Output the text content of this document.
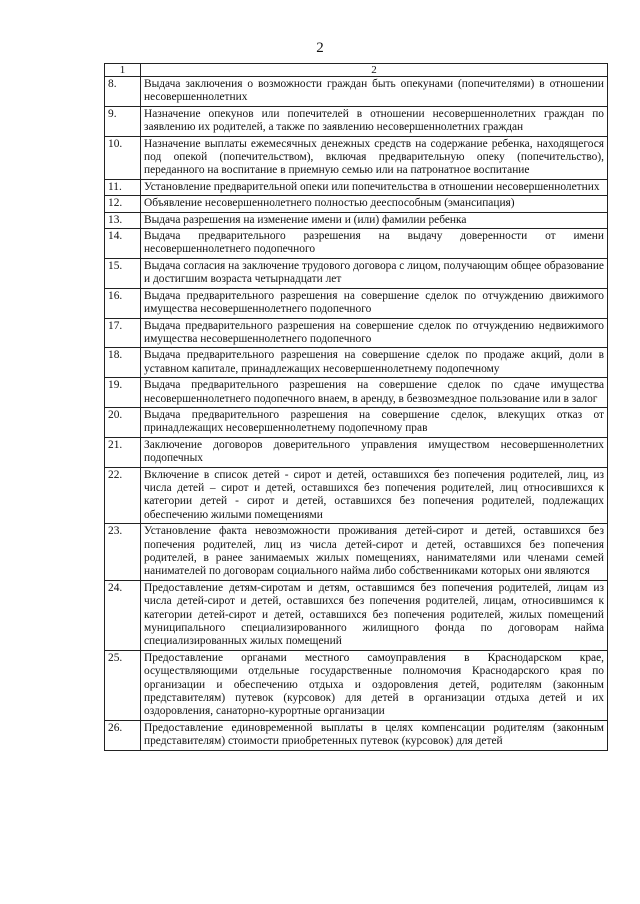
2
1	2
8.	Выдача заключения о возможности граждан быть опекунами (попечителями) в отношении несовершеннолетних
9.	Назначение опекунов или попечителей в отношении несовершеннолетних граждан по заявлению их родителей, а также по заявлению несовершеннолетних граждан
10.	Назначение выплаты ежемесячных денежных средств на содержание ребенка, находящегося под опекой (попечительством), включая предварительную опеку (попечительство), переданного на воспитание в приемную семью или на патронатное воспитание
11.	Установление предварительной опеки или попечительства в отношении несовершеннолетних
12.	Объявление несовершеннолетнего полностью дееспособным (эмансипация)
13.	Выдача разрешения на изменение имени и (или) фамилии ребенка
14.	Выдача предварительного разрешения на выдачу доверенности от имени несовершеннолетнего подопечного
15.	Выдача согласия на заключение трудового договора с лицом, получающим общее образование и достигшим возраста четырнадцати лет
16.	Выдача предварительного разрешения на совершение сделок по отчуждению движимого имущества несовершеннолетнего подопечного
17.	Выдача предварительного разрешения на совершение сделок по отчуждению недвижимого имущества несовершеннолетнего подопечного
18.	Выдача предварительного разрешения на совершение сделок по продаже акций, доли в уставном капитале, принадлежащих несовершеннолетнему подопечному
19.	Выдача предварительного разрешения на совершение сделок по сдаче имущества несовершеннолетнего подопечного внаем, в аренду, в безвозмездное пользование или в залог
20.	Выдача предварительного разрешения на совершение сделок, влекущих отказ от принадлежащих несовершеннолетнему подопечному прав
21.	Заключение договоров доверительного управления имуществом несовершеннолетних подопечных
22.	Включение в список детей - сирот и детей, оставшихся без попечения родителей, лиц, из числа детей – сирот и детей, оставшихся без попечения родителей, лиц относившихся к категории детей - сирот и детей, оставшихся без попечения родителей, подлежащих обеспечению жилыми помещениями
23.	Установление факта невозможности проживания детей-сирот и детей, оставшихся без попечения родителей, лиц из числа детей-сирот и детей, оставшихся без попечения родителей, в ранее занимаемых жилых помещениях, нанимателями или членами семей нанимателей по договорам социального найма либо собственниками которых они являются
24.	Предоставление детям-сиротам и детям, оставшимся без попечения родителей, лицам из числа детей-сирот и детей, оставшихся без попечения родителей, лицам, относившимся к категории детей-сирот и детей, оставшихся без попечения родителей, жилых помещений муниципального специализированного жилищного фонда по договорам найма специализированных жилых помещений
25.	Предоставление органами местного самоуправления в Краснодарском крае, осуществляющими отдельные государственные полномочия Краснодарского края по организации и обеспечению отдыха и оздоровления детей, родителям (законным представителям) путевок (курсовок) для детей в организации отдыха детей и их оздоровления, санаторно-курортные организации
26.	Предоставление единовременной выплаты в целях компенсации родителям (законным представителям) стоимости приобретенных путевок (курсовок) для детей
